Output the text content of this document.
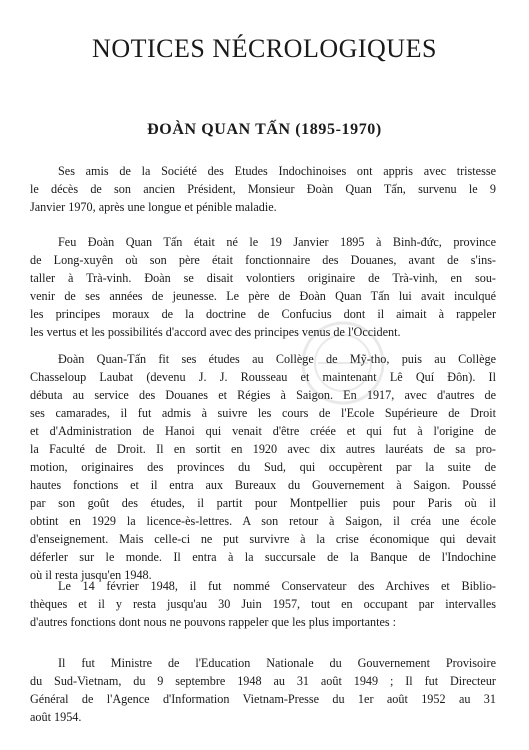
NOTICES NÉCROLOGIQUES
ĐOÀN QUAN TẤN (1895-1970)
Ses amis de la Société des Etudes Indochinoises ont appris avec tristesse
le décès de son ancien Président, Monsieur Đoàn Quan Tấn, survenu le 9
Janvier 1970, après une longue et pénible maladie.
Feu Đoàn Quan Tấn était né le 19 Janvier 1895 à Binh-đức, province
de Long-xuyên où son père était fonctionnaire des Douanes, avant de s'ins-
taller à Trà-vinh. Đoàn se disait volontiers originaire de Trà-vinh, en sou-
venir de ses années de jeunesse. Le père de Đoàn Quan Tấn lui avait inculqué
les principes moraux de la doctrine de Confucius dont il aimait à rappeler
les vertus et les possibilités d'accord avec des principes venus de l'Occident.
Đoàn Quan-Tấn fit ses études au Collège de Mỹ-tho, puis au Collège
Chasseloup Laubat (devenu J. J. Rousseau et maintenant Lê Quí Đôn). Il
débuta au service des Douanes et Régies à Saigon. En 1917, avec d'autres de
ses camarades, il fut admis à suivre les cours de l'Ecole Supérieure de Droit
et d'Administration de Hanoi qui venait d'être créée et qui fut à l'origine de
la Faculté de Droit. Il en sortit en 1920 avec dix autres lauréats de sa pro-
motion, originaires des provinces du Sud, qui occupèrent par la suite de
hautes fonctions et il entra aux Bureaux du Gouvernement à Saigon. Poussé
par son goût des études, il partit pour Montpellier puis pour Paris où il
obtint en 1929 la licence-ès-lettres. A son retour à Saigon, il créa une école
d'enseignement. Mais celle-ci ne put survivre à la crise économique qui devait
déferler sur le monde. Il entra à la succursale de la Banque de l'Indochine
où il resta jusqu'en 1948.
Le 14 février 1948, il fut nommé Conservateur des Archives et Biblio-
thèques et il y resta jusqu'au 30 Juin 1957, tout en occupant par intervalles
d'autres fonctions dont nous ne pouvons rappeler que les plus importantes :
Il fut Ministre de l'Education Nationale du Gouvernement Provisoire
du Sud-Vietnam, du 9 septembre 1948 au 31 août 1949 ; Il fut Directeur
Général de l'Agence d'Information Vietnam-Presse du 1er août 1952 au 31
août 1954.
